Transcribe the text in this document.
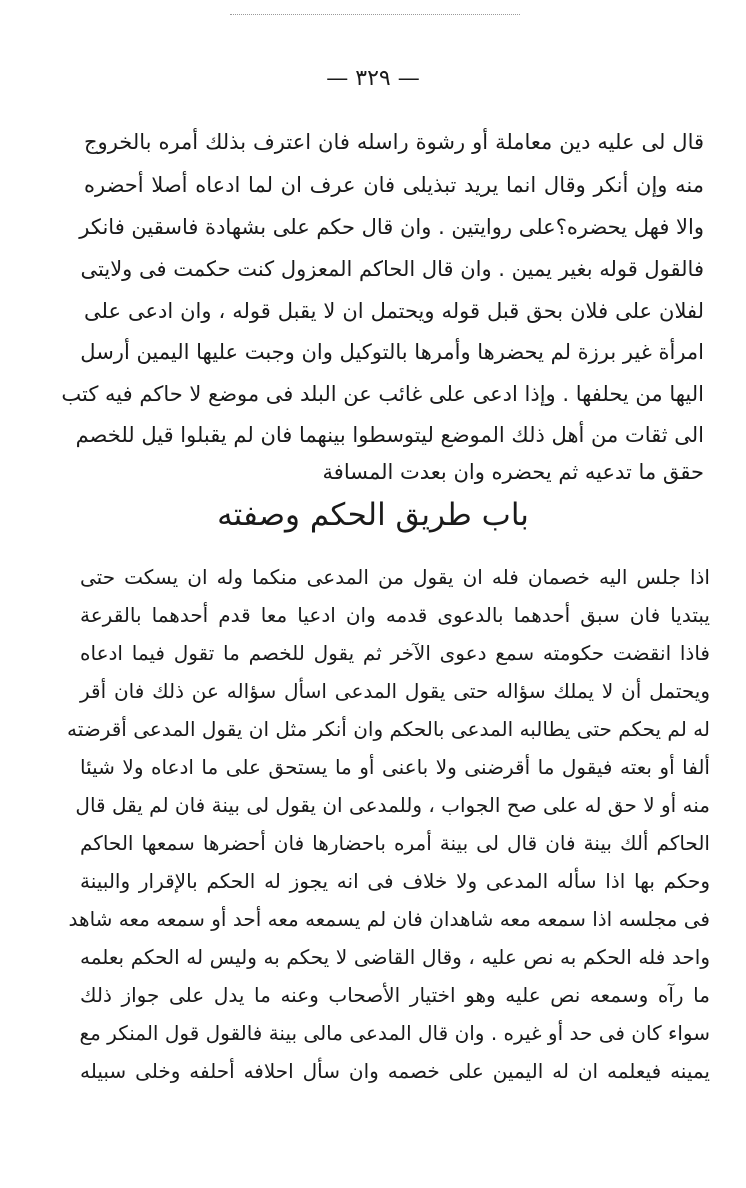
— ٣٢٩ —
قال لى عليه دين معاملة أو رشوة راسله فان اعترف بذلك أمره بالخروج
منه وإن أنكر وقال انما يريد تبذيلى فان عرف ان لما ادعاه أصلا أحضره
والا فهل يحضره؟على روايتين . وان قال حكم على بشهادة فاسقين فانكر
فالقول قوله بغير يمين . وان قال الحاكم المعزول كنت حكمت فى ولايتى
لفلان على فلان بحق قبل قوله ويحتمل ان لا يقبل قوله ، وان ادعى على
امرأة غير برزة لم يحضرها وأمرها بالتوكيل وان وجبت عليها اليمين أرسل
اليها من يحلفها . وإذا ادعى على غائب عن البلد فى موضع لا حاكم فيه كتب
الى ثقات من أهل ذلك الموضع ليتوسطوا بينهما فان لم يقبلوا قيل للخصم
حقق ما تدعيه ثم يحضره وان بعدت المسافة
باب طريق الحكم وصفته
اذا جلس اليه خصمان فله ان يقول من المدعى منكما وله ان يسكت حتى
يبتديا فان سبق أحدهما بالدعوى قدمه وان ادعيا معا قدم أحدهما بالقرعة
فاذا انقضت حكومته سمع دعوى الآخر ثم يقول للخصم ما تقول فيما ادعاه
ويحتمل أن لا يملك سؤاله حتى يقول المدعى اسأل سؤاله عن ذلك فان أقر
له لم يحكم حتى يطالبه المدعى بالحكم وان أنكر مثل ان يقول المدعى أقرضته
ألفا أو بعته فيقول ما أقرضنى ولا باعنى أو ما يستحق على ما ادعاه ولا شيئا
منه أو لا حق له على صح الجواب ، وللمدعى ان يقول لى بينة فان لم يقل قال
الحاكم ألك بينة فان قال لى بينة أمره باحضارها فان أحضرها سمعها الحاكم
وحكم بها اذا سأله المدعى ولا خلاف فى انه يجوز له الحكم بالإقرار والبينة
فى مجلسه اذا سمعه معه شاهدان فان لم يسمعه معه أحد أو سمعه معه شاهد
واحد فله الحكم به نص عليه ، وقال القاضى لا يحكم به وليس له الحكم بعلمه
ما رآه وسمعه نص عليه وهو اختيار الأصحاب وعنه ما يدل على جواز ذلك
سواء كان فى حد أو غيره . وان قال المدعى مالى بينة فالقول قول المنكر مع
يمينه فيعلمه ان له اليمين على خصمه وان سأل احلافه أحلفه وخلى سبيله
